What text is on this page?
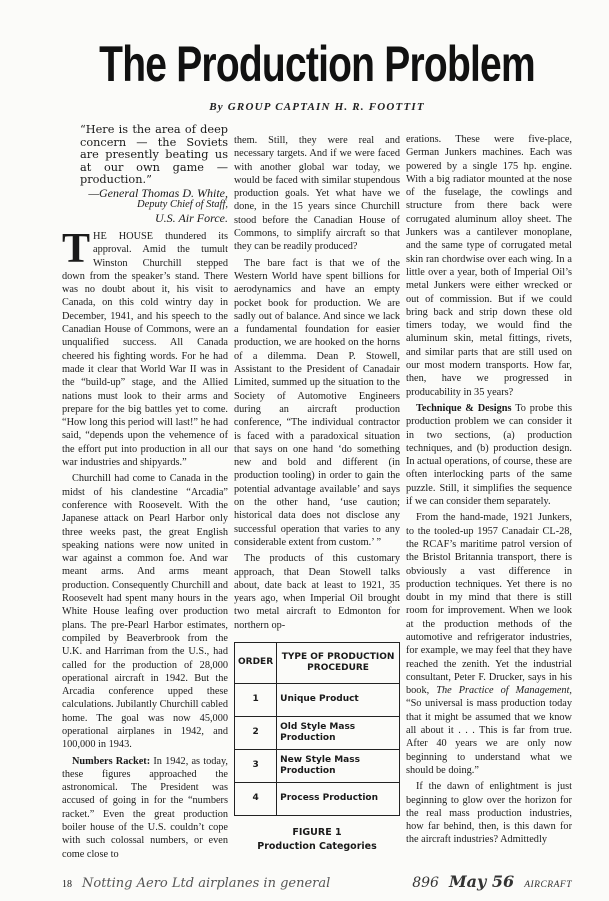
The Production Problem
By GROUP CAPTAIN H. R. FOOTTIT
“Here is the area of deep concern — the Soviets are presently beating us at our own game — production.”
—General Thomas D. White,
Deputy Chief of Staff,
U.S. Air Force.

THE HOUSE thundered its approval. Amid the tumult Winston Churchill stepped down from the speaker’s stand. There was no doubt about it, his visit to Canada, on this cold wintry day in December, 1941, and his speech to the Canadian House of Commons, were an unqualified success. All Canada cheered his fighting words. For he had made it clear that World War II was in the “build-up” stage, and the Allied nations must look to their arms and prepare for the big battles yet to come. “How long this period will last!” he had said, “depends upon the vehemence of the effort put into production in all our war industries and shipyards.”

Churchill had come to Canada in the midst of his clandestine “Arcadia” conference with Roosevelt. With the Japanese attack on Pearl Harbor only three weeks past, the great English speaking nations were now united in war against a common foe. And war meant arms. And arms meant production. Consequently Churchill and Roosevelt had spent many hours in the White House leafing over production plans. The pre-Pearl Harbor estimates, compiled by Beaverbrook from the U.K. and Harriman from the U.S., had called for the production of 28,000 operational aircraft in 1942. But the Arcadia conference upped these calculations. Jubilantly Churchill cabled home. The goal was now 45,000 operational airplanes in 1942, and 100,000 in 1943.

Numbers Racket: In 1942, as today, these figures approached the astronomical. The President was accused of going in for the “numbers racket.” Even the great production boiler house of the U.S. couldn’t cope with such colossal numbers, or even come close to

them. Still, they were real and necessary targets. And if we were faced with another global war today, we would be faced with similar stupendous production goals. Yet what have we done, in the 15 years since Churchill stood before the Canadian House of Commons, to simplify aircraft so that they can be readily produced?

The bare fact is that we of the Western World have spent billions for aerodynamics and have an empty pocket book for production. We are sadly out of balance. And since we lack a fundamental foundation for easier production, we are hooked on the horns of a dilemma. Dean P. Stowell, Assistant to the President of Canadair Limited, summed up the situation to the Society of Automotive Engineers during an aircraft production conference, “The individual contractor is faced with a paradoxical situation that says on one hand ‘do something new and bold and different (in production tooling) in order to gain the potential advantage available’ and says on the other hand, ‘use caution; historical data does not disclose any successful operation that varies to any considerable extent from custom.’ ”

The products of this customary approach, that Dean Stowell talks about, date back at least to 1921, 35 years ago, when Imperial Oil brought two metal aircraft to Edmonton for northern op-

ORDER	TYPE OF PRODUCTION PROCEDURE
1	Unique Product
2	Old Style Mass Production
3	New Style Mass Production
4	Process Production
FIGURE 1
Production Categories

erations. These were five-place, German Junkers machines. Each was powered by a single 175 hp. engine. With a big radiator mounted at the nose of the fuselage, the cowlings and structure from there back were corrugated aluminum alloy sheet. The Junkers was a cantilever monoplane, and the same type of corrugated metal skin ran chordwise over each wing. In a little over a year, both of Imperial Oil’s metal Junkers were either wrecked or out of commission. But if we could bring back and strip down these old timers today, we would find the aluminum skin, metal fittings, rivets, and similar parts that are still used on our most modern transports. How far, then, have we progressed in producability in 35 years?

Technique & Designs To probe this production problem we can consider it in two sections, (a) production techniques, and (b) production design. In actual operations, of course, these are often interlocking parts of the same puzzle. Still, it simplifies the sequence if we can consider them separately.

From the hand-made, 1921 Junkers, to the tooled-up 1957 Canadair CL-28, the RCAF’s maritime patrol version of the Bristol Britannia transport, there is obviously a vast difference in production techniques. Yet there is no doubt in my mind that there is still room for improvement. When we look at the production methods of the automotive and refrigerator industries, for example, we may feel that they have reached the zenith. Yet the industrial consultant, Peter F. Drucker, says in his book, The Practice of Management, “So universal is mass production today that it might be assumed that we know all about it . . . This is far from true. After 40 years we are only now beginning to understand what we should be doing.”

If the dawn of enlightment is just beginning to glow over the horizon for the real mass production industries, how far behind, then, is this dawn for the aircraft industries? Admittedly

18 Notting Aero Ltd airplanes in general	896 May 56 AIRCRAFT
